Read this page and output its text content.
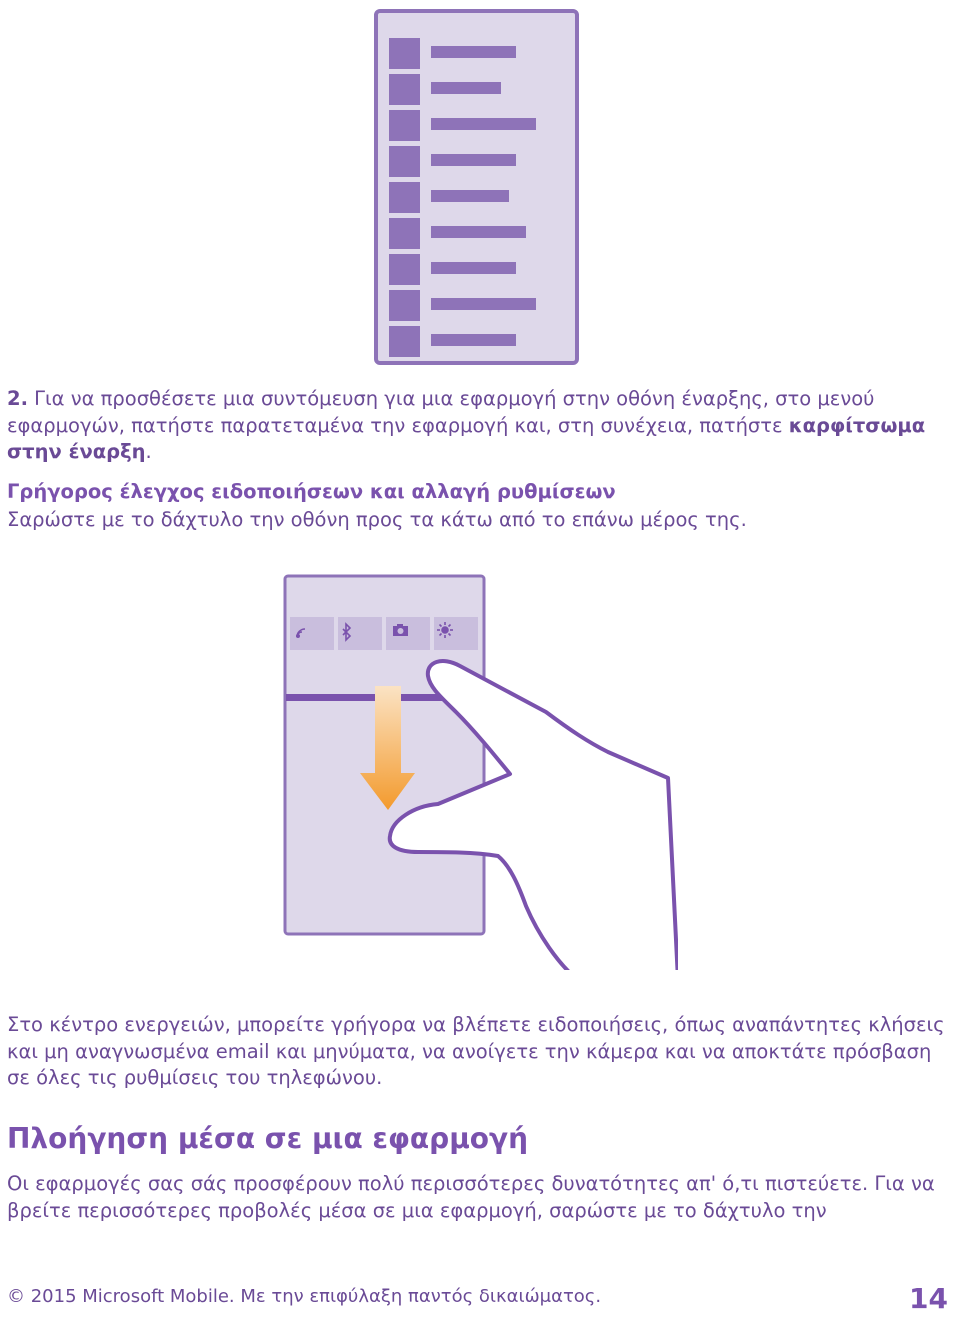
2. Για να προσθέσετε μια συντόμευση για μια εφαρμογή στην οθόνη έναρξης, στο μενού εφαρμογών, πατήστε παρατεταμένα την εφαρμογή και, στη συνέχεια, πατήστε καρφίτσωμα στην έναρξη.

Γρήγορος έλεγχος ειδοποιήσεων και αλλαγή ρυθμίσεων

Σαρώστε με το δάχτυλο την οθόνη προς τα κάτω από το επάνω μέρος της.

Στο κέντρο ενεργειών, μπορείτε γρήγορα να βλέπετε ειδοποιήσεις, όπως αναπάντητες κλήσεις και μη αναγνωσμένα email και μηνύματα, να ανοίγετε την κάμερα και να αποκτάτε πρόσβαση σε όλες τις ρυθμίσεις του τηλεφώνου.

Πλοήγηση μέσα σε μια εφαρμογή

Οι εφαρμογές σας σάς προσφέρουν πολύ περισσότερες δυνατότητες απ' ό,τι πιστεύετε. Για να βρείτε περισσότερες προβολές μέσα σε μια εφαρμογή, σαρώστε με το δάχτυλο την

© 2015 Microsoft Mobile. Με την επιφύλαξη παντός δικαιώματος.	14
